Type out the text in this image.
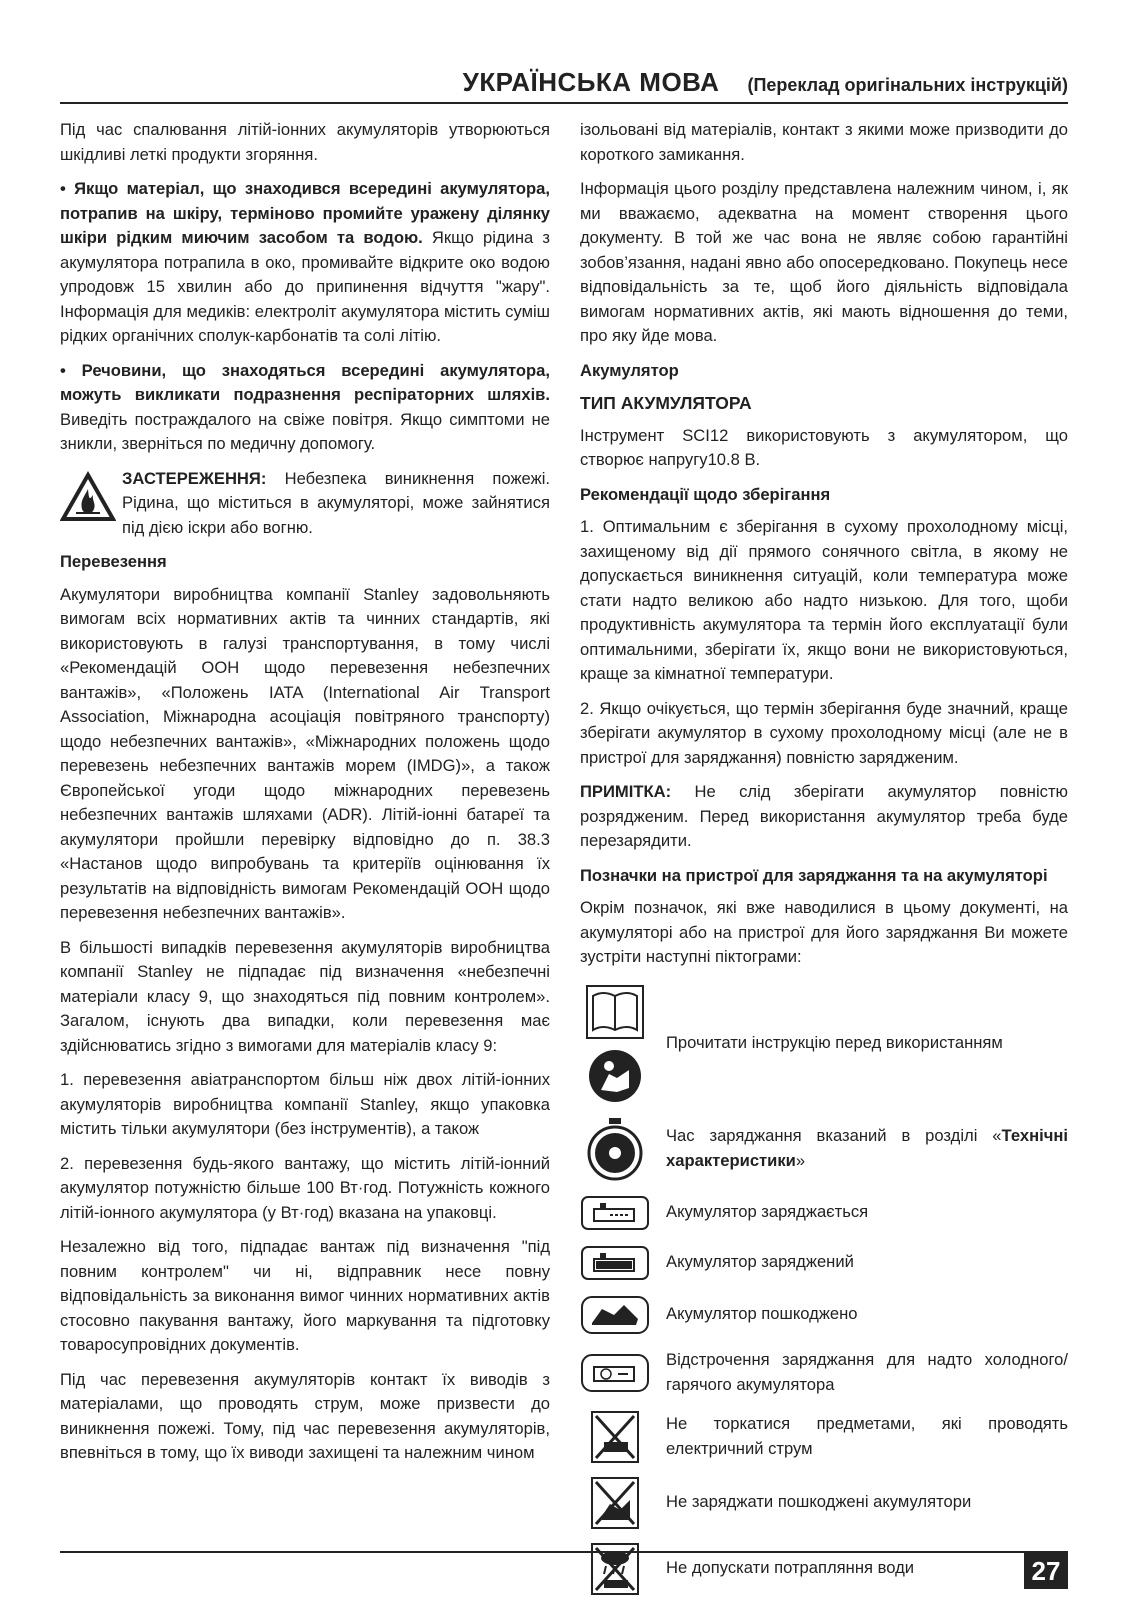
УКРАЇНСЬКА МОВА (Переклад оригінальних інструкцій)

Під час спалювання літій-іонних акумуляторів утворюються шкідливі леткі продукти згоряння.

• Якщо матеріал, що знаходився всередині акумулятора, потрапив на шкіру, терміново промийте уражену ділянку шкіри рідким миючим засобом та водою. Якщо рідина з акумулятора потрапила в око, промивайте відкрите око водою упродовж 15 хвилин або до припинення відчуття "жару". Інформація для медиків: електроліт акумулятора містить суміш рідких органічних сполук-карбонатів та солі літію.

• Речовини, що знаходяться всередині акумулятора, можуть викликати подразнення респіраторних шляхів. Виведіть постраждалого на свіже повітря. Якщо симптоми не зникли, зверніться по медичну допомогу.

ЗАСТЕРЕЖЕННЯ: Небезпека виникнення пожежі. Рідина, що міститься в акумуляторі, може зайнятися під дією іскри або вогню.
Перевезення

Акумулятори виробництва компанії Stanley задовольняють вимогам всіх нормативних актів та чинних стандартів, які використовують в галузі транспортування, в тому числі «Рекомендацій ООН щодо перевезення небезпечних вантажів», «Положень IATA (International Air Transport Association, Міжнародна асоціація повітряного транспорту) щодо небезпечних вантажів», «Міжнародних положень щодо перевезень небезпечних вантажів морем (IMDG)», а також Європейської угоди щодо міжнародних перевезень небезпечних вантажів шляхами (ADR). Літій-іонні батареї та акумулятори пройшли перевірку відповідно до п. 38.3 «Настанов щодо випробувань та критеріїв оцінювання їх результатів на відповідність вимогам Рекомендацій ООН щодо перевезення небезпечних вантажів».

В більшості випадків перевезення акумуляторів виробництва компанії Stanley не підпадає під визначення «небезпечні матеріали класу 9, що знаходяться під повним контролем». Загалом, існують два випадки, коли перевезення має здійснюватись згідно з вимогами для матеріалів класу 9:

1. перевезення авіатранспортом більш ніж двох літій-іонних акумуляторів виробництва компанії Stanley, якщо упаковка містить тільки акумулятори (без інструментів), а також

2. перевезення будь-якого вантажу, що містить літій-іонний акумулятор потужністю більше 100 Вт·год. Потужність кожного літій-іонного акумулятора (у Вт·год) вказана на упаковці.

Незалежно від того, підпадає вантаж під визначення "під повним контролем" чи ні, відправник несе повну відповідальність за виконання вимог чинних нормативних актів стосовно пакування вантажу, його маркування та підготовку товаросупровідних документів.

Під час перевезення акумуляторів контакт їх виводів з матеріалами, що проводять струм, може призвести до виникнення пожежі. Тому, під час перевезення акумуляторів, впевніться в тому, що їх виводи захищені та належним чином

ізольовані від матеріалів, контакт з якими може призводити до короткого замикання.

Інформація цього розділу представлена належним чином, і, як ми вважаємо, адекватна на момент створення цього документу. В той же час вона не являє собою гарантійні зобов’язання, надані явно або опосередковано. Покупець несе відповідальність за те, щоб його діяльність відповідала вимогам нормативних актів, які мають відношення до теми, про яку йде мова.

Акумулятор
ТИП АКУМУЛЯТОРА

Інструмент SCI12 використовують з акумулятором, що створює напругу10.8 В.

Рекомендації щодо зберігання

1. Оптимальним є зберігання в сухому прохолодному місці, захищеному від дії прямого сонячного світла, в якому не допускається виникнення ситуацій, коли температура може стати надто великою або надто низькою. Для того, щоби продуктивність акумулятора та термін його експлуатації були оптимальними, зберігати їх, якщо вони не використовуються, краще за кімнатної температури.

2. Якщо очікується, що термін зберігання буде значний, краще зберігати акумулятор в сухому прохолодному місці (але не в пристрої для заряджання) повністю зарядженим.

ПРИМІТКА: Не слід зберігати акумулятор повністю розрядженим. Перед використання акумулятор треба буде перезарядити.

Позначки на пристрої для заряджання та на акумуляторі

Окрім позначок, які вже наводилися в цьому документі, на акумуляторі або на пристрої для його заряджання Ви можете зустріти наступні піктограми:

Прочитати інструкцію перед використанням
Час заряджання вказаний в розділі «Технічні характеристики»
Акумулятор заряджається
Акумулятор заряджений
Акумулятор пошкоджено
Відстрочення заряджання для надто холодного/ гарячого акумулятора
Не торкатися предметами, які проводять електричний струм
Не заряджати пошкоджені акумулятори
Не допускати потрапляння води	27
